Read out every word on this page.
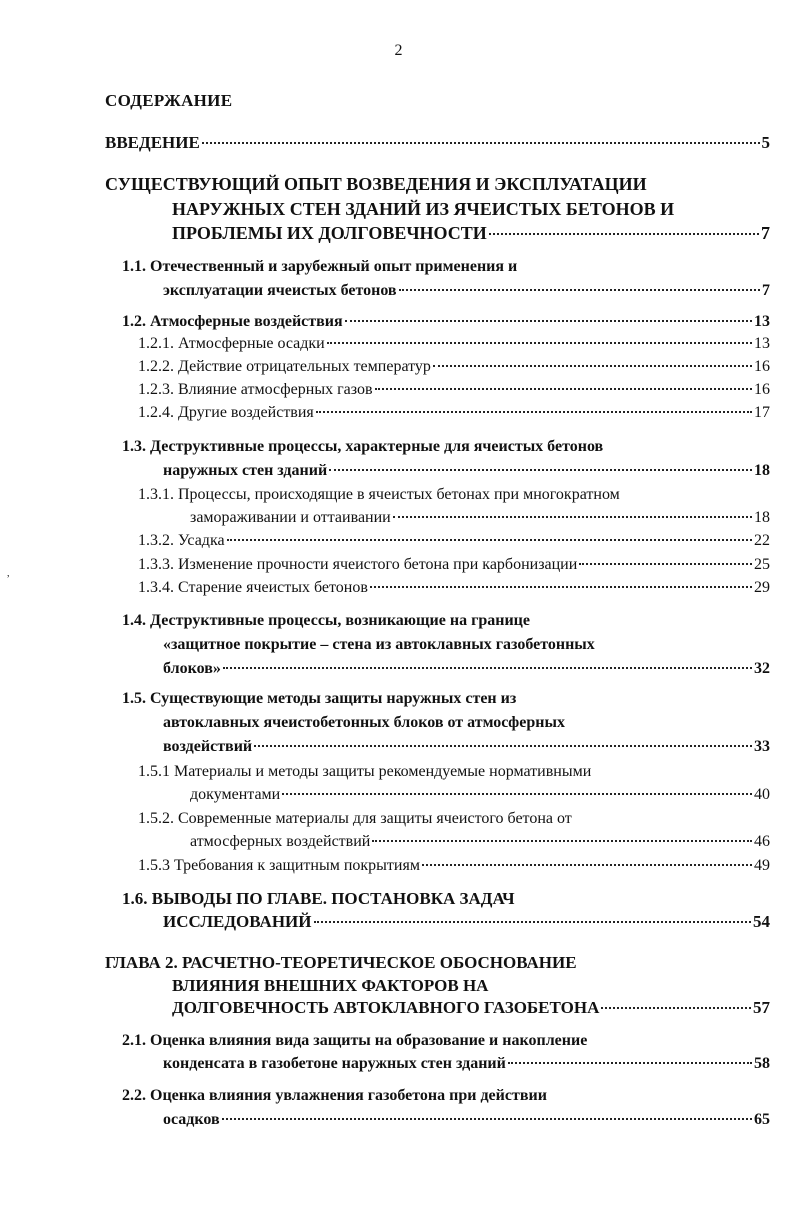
2
,
СОДЕРЖАНИЕ
ВВЕДЕНИЕ	5
СУЩЕСТВУЮЩИЙ ОПЫТ ВОЗВЕДЕНИЯ И ЭКСПЛУАТАЦИИ
НАРУЖНЫХ СТЕН ЗДАНИЙ ИЗ ЯЧЕИСТЫХ БЕТОНОВ И
ПРОБЛЕМЫ ИХ ДОЛГОВЕЧНОСТИ	7
1.1. Отечественный и зарубежный опыт применения и
эксплуатации ячеистых бетонов	7
1.2. Атмосферные воздействия	13
1.2.1. Атмосферные осадки	13
1.2.2. Действие отрицательных температур	16
1.2.3. Влияние атмосферных газов	16
1.2.4. Другие воздействия	17
1.3. Деструктивные процессы, характерные для ячеистых бетонов
наружных стен зданий	18
1.3.1. Процессы, происходящие в ячеистых бетонах при многократном
замораживании и оттаивании	18
1.3.2. Усадка	22
1.3.3. Изменение прочности ячеистого бетона при карбонизации	25
1.3.4. Старение ячеистых бетонов	29
1.4. Деструктивные процессы, возникающие на границе
«защитное покрытие – стена из автоклавных газобетонных
блоков»	32
1.5. Существующие методы защиты наружных стен из
автоклавных ячеистобетонных блоков от атмосферных
воздействий	33
1.5.1 Материалы и методы защиты рекомендуемые нормативными
документами	40
1.5.2. Современные материалы для защиты ячеистого бетона от
атмосферных воздействий	46
1.5.3 Требования к защитным покрытиям	49
1.6. ВЫВОДЫ ПО ГЛАВЕ. ПОСТАНОВКА ЗАДАЧ
ИССЛЕДОВАНИЙ	54
ГЛАВА 2. РАСЧЕТНО-ТЕОРЕТИЧЕСКОЕ ОБОСНОВАНИЕ
ВЛИЯНИЯ ВНЕШНИХ ФАКТОРОВ НА
ДОЛГОВЕЧНОСТЬ АВТОКЛАВНОГО ГАЗОБЕТОНА	57
2.1. Оценка влияния вида защиты на образование и накопление
конденсата в газобетоне наружных стен зданий	58
2.2. Оценка влияния увлажнения газобетона при действии
осадков	65
